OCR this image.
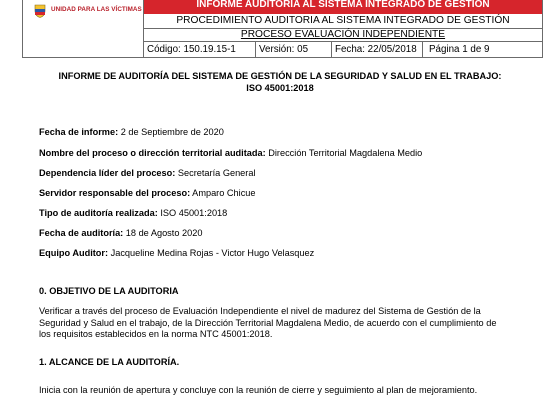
UNIDAD PARA LAS VÍCTIMAS	INFORME AUDITORÍA AL SISTEMA INTEGRADO DE GESTIÓN
PROCEDIMIENTO AUDITORIA AL SISTEMA INTEGRADO DE GESTIÓN
PROCESO EVALUACIÓN INDEPENDIENTE
Código: 150.19.15-1	Versión: 05	Fecha: 22/05/2018	Página 1 de 9
INFORME DE AUDITORÍA DEL SISTEMA DE GESTIÓN DE LA SEGURIDAD Y SALUD EN EL TRABAJO:
ISO 45001:2018
Fecha de informe: 2 de Septiembre de 2020
Nombre del proceso o dirección territorial auditada: Dirección Territorial Magdalena Medio
Dependencia líder del proceso: Secretaría General
Servidor responsable del proceso: Amparo Chicue
Tipo de auditoría realizada: ISO 45001:2018
Fecha de auditoría: 18 de Agosto 2020
Equipo Auditor: Jacqueline Medina Rojas - Victor Hugo Velasquez
0. OBJETIVO DE LA AUDITORIA
Verificar a través del proceso de Evaluación Independiente el nivel de madurez del Sistema de Gestión de la
Seguridad y Salud en el trabajo, de la Dirección Territorial Magdalena Medio, de acuerdo con el cumplimiento de
los requisitos establecidos en la norma NTC 45001:2018.
1. ALCANCE DE LA AUDITORÍA.
Inicia con la reunión de apertura y concluye con la reunión de cierre y seguimiento al plan de mejoramiento.
